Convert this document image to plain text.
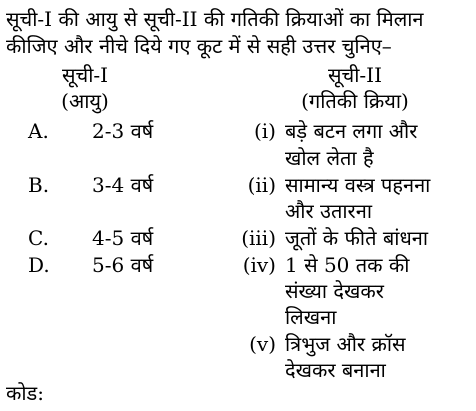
सूची-I की आयु से सूची-II की गतिकी क्रियाओं का मिलान
कीजिए और नीचे दिये गए कूट में से सही उत्तर चुनिए–
सूची-I
(आयु)
सूची-II
(गतिकी क्रिया)
A. 2-3 वर्ष
B. 3-4 वर्ष
C. 4-5 वर्ष
D. 5-6 वर्ष
(i) बड़े बटन लगा और
खोल लेता है
(ii) सामान्य वस्त्र पहनना
और उतारना
(iii) जूतों के फीते बांधना
(iv) 1 से 50 तक की
संख्या देखकर
लिखना
(v) त्रिभुज और क्रॉस
देखकर बनाना
कोड:
